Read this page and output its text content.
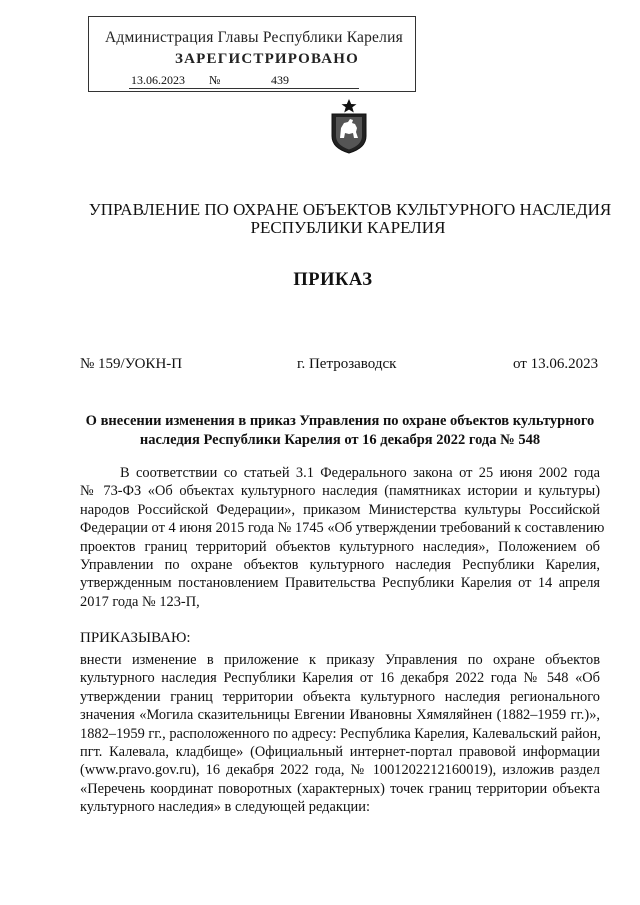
Администрация Главы Республики Карелия
ЗАРЕГИСТРИРОВАНО
13.06.2023 №	439
УПРАВЛЕНИЕ ПО ОХРАНЕ ОБЪЕКТОВ КУЛЬТУРНОГО НАСЛЕДИЯ
РЕСПУБЛИКИ КАРЕЛИЯ
ПРИКАЗ
№ 159/УОКН-П	г. Петрозаводск	от 13.06.2023
О внесении изменения в приказ Управления по охране объектов культурного
наследия Республики Карелия от 16 декабря 2022 года № 548
В соответствии со статьей 3.1 Федерального закона от 25 июня 2002 года
№ 73-ФЗ «Об объектах культурного наследия (памятниках истории и культуры)
народов Российской Федерации», приказом Министерства культуры Российской
Федерации от 4 июня 2015 года № 1745 «Об утверждении требований к составлению
проектов границ территорий объектов культурного наследия», Положением об
Управлении по охране объектов культурного наследия Республики Карелия,
утвержденным постановлением Правительства Республики Карелия от 14 апреля
2017 года № 123-П,
ПРИКАЗЫВАЮ:
внести изменение в приложение к приказу Управления по охране объектов
культурного наследия Республики Карелия от 16 декабря 2022 года № 548 «Об
утверждении границ территории объекта культурного наследия регионального
значения «Могила сказительницы Евгении Ивановны Хямяляйнен (1882–1959 гг.)»,
1882–1959 гг., расположенного по адресу: Республика Карелия, Калевальский район,
пгт. Калевала, кладбище» (Официальный интернет-портал правовой информации
(www.pravo.gov.ru), 16 декабря 2022 года, № 1001202212160019), изложив раздел
«Перечень координат поворотных (характерных) точек границ территории объекта
культурного наследия» в следующей редакции:
